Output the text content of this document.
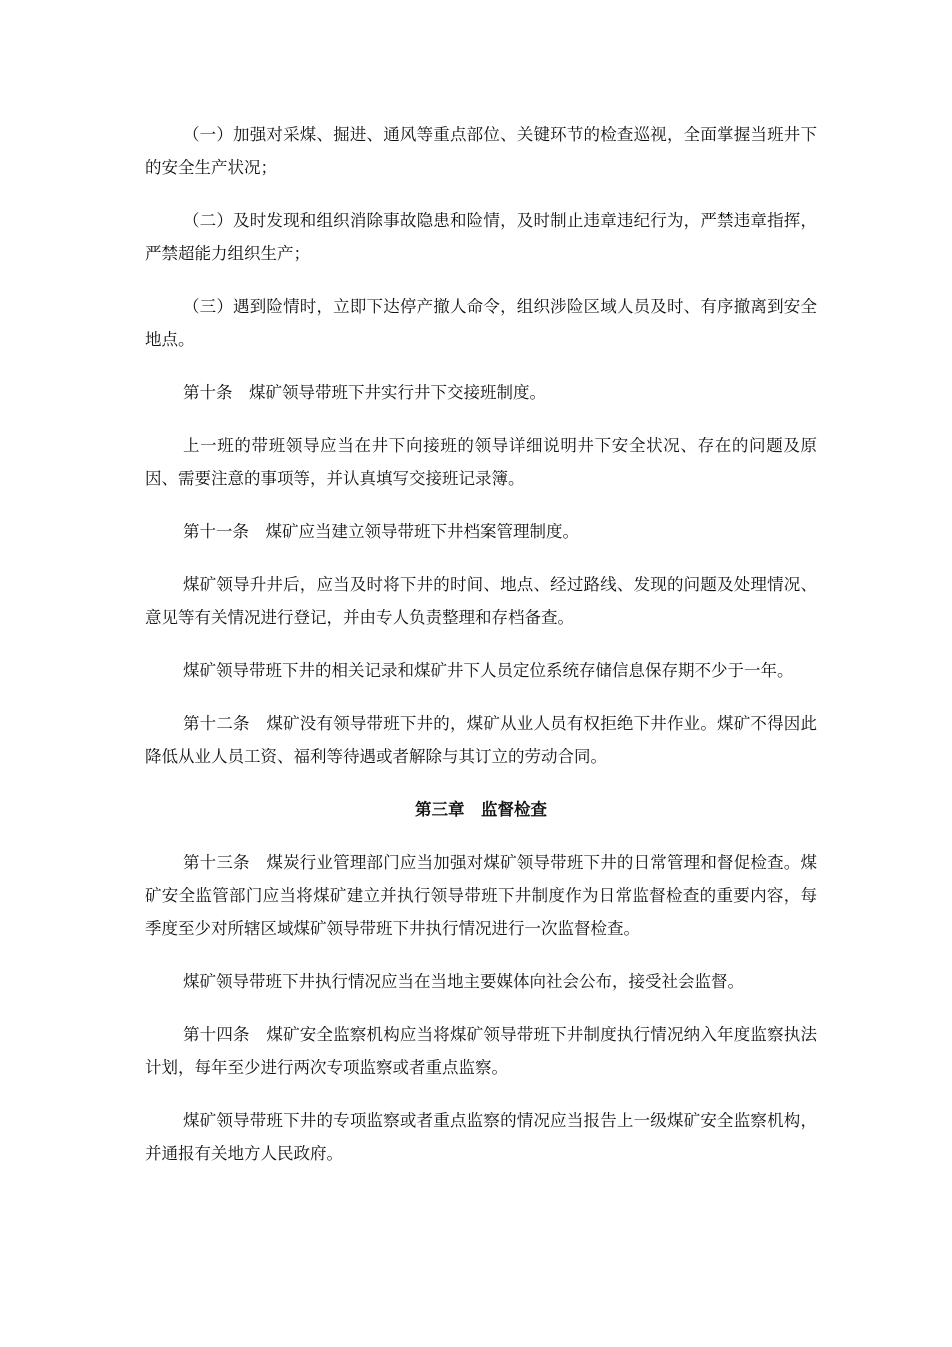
（一）加强对采煤、掘进、通风等重点部位、关键环节的检查巡视，全面掌握当班井下的安全生产状况；

（二）及时发现和组织消除事故隐患和险情，及时制止违章违纪行为，严禁违章指挥，严禁超能力组织生产；

（三）遇到险情时，立即下达停产撤人命令，组织涉险区域人员及时、有序撤离到安全地点。

第十条　煤矿领导带班下井实行井下交接班制度。

上一班的带班领导应当在井下向接班的领导详细说明井下安全状况、存在的问题及原因、需要注意的事项等，并认真填写交接班记录簿。

第十一条　煤矿应当建立领导带班下井档案管理制度。

煤矿领导升井后，应当及时将下井的时间、地点、经过路线、发现的问题及处理情况、意见等有关情况进行登记，并由专人负责整理和存档备查。

煤矿领导带班下井的相关记录和煤矿井下人员定位系统存储信息保存期不少于一年。

第十二条　煤矿没有领导带班下井的，煤矿从业人员有权拒绝下井作业。煤矿不得因此降低从业人员工资、福利等待遇或者解除与其订立的劳动合同。

第三章　监督检查

第十三条　煤炭行业管理部门应当加强对煤矿领导带班下井的日常管理和督促检查。煤矿安全监管部门应当将煤矿建立并执行领导带班下井制度作为日常监督检查的重要内容，每季度至少对所辖区域煤矿领导带班下井执行情况进行一次监督检查。

煤矿领导带班下井执行情况应当在当地主要媒体向社会公布，接受社会监督。

第十四条　煤矿安全监察机构应当将煤矿领导带班下井制度执行情况纳入年度监察执法计划，每年至少进行两次专项监察或者重点监察。

煤矿领导带班下井的专项监察或者重点监察的情况应当报告上一级煤矿安全监察机构，并通报有关地方人民政府。
